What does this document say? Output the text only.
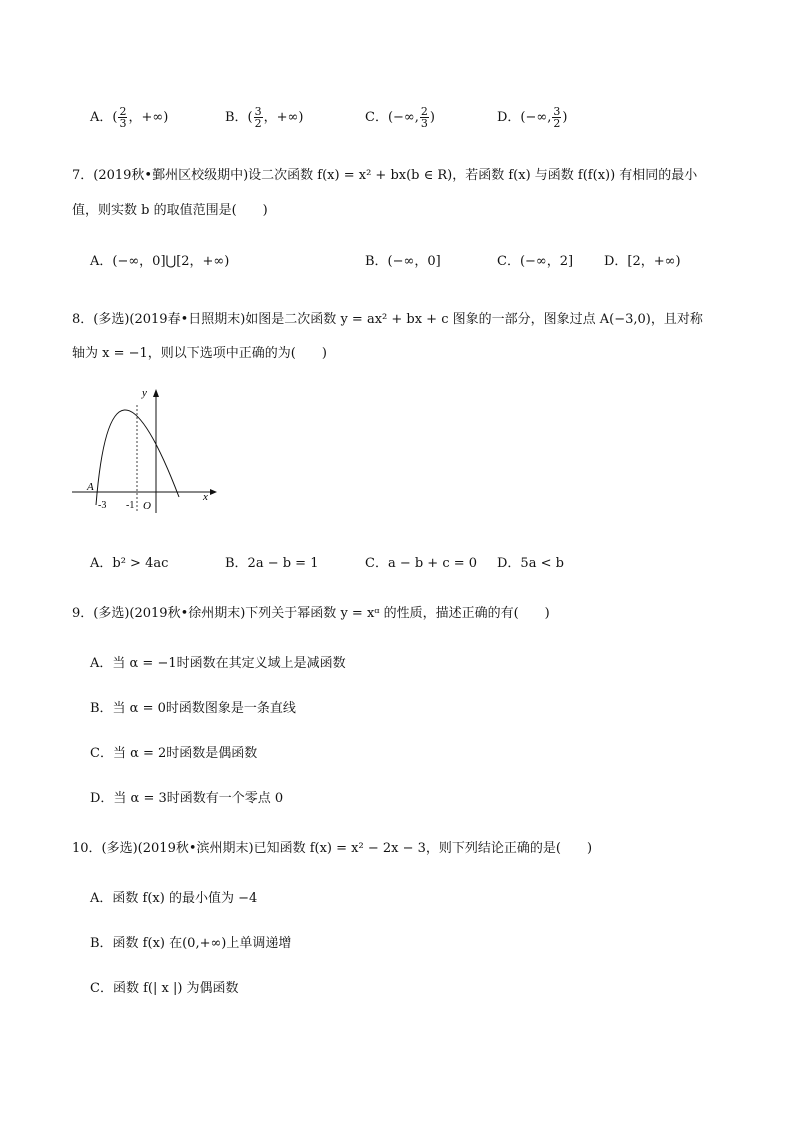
A．( $\frac{2}{3}$ ，+∞)	B．( $\frac{3}{2}$ ，+∞)	C．(−∞, $\frac{2}{3}$ )	D．(−∞, $\frac{3}{2}$ )
7．(2019秋•鄞州区校级期中)设二次函数 f(x) = x² + bx(b ∈ R)，若函数 f(x) 与函数 f(f(x)) 有相同的最小
值，则实数 b 的取值范围是(　　)
A．(−∞，0]⋃[2，+∞)	B．(−∞，0]	C．(−∞，2] D．[2，+∞)
8．(多选)(2019春•日照期末)如图是二次函数 y = ax² + bx + c 图象的一部分，图象过点 A(−3,0)，且对称
轴为 x = −1，则以下选项中正确的为(　　)
y
x
A
-3 -1 O
A．b² > 4ac	B．2a − b = 1	C．a − b + c = 0 D．5a < b
9．(多选)(2019秋•徐州期末)下列关于幂函数 y = xᵅ 的性质，描述正确的有(　　)
A．当 α = −1时函数在其定义域上是减函数
B．当 α = 0时函数图象是一条直线
C．当 α = 2时函数是偶函数
D．当 α = 3时函数有一个零点 0
10．(多选)(2019秋•滨州期末)已知函数 f(x) = x² − 2x − 3，则下列结论正确的是(　　)
A．函数 f(x) 的最小值为 −4
B．函数 f(x) 在(0,+∞)上单调递增
C．函数 f(| x |) 为偶函数
